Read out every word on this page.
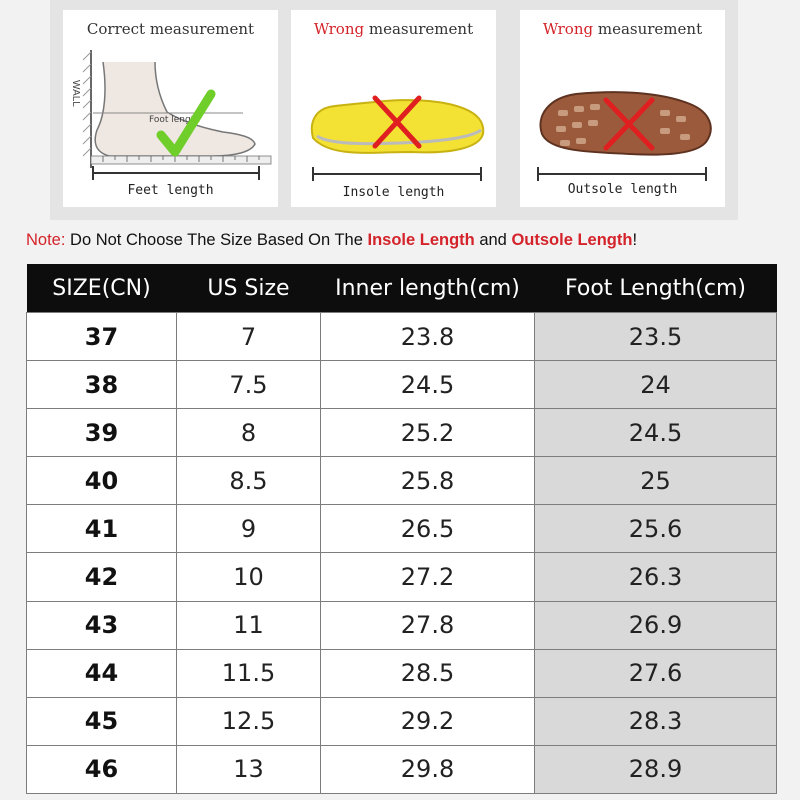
Correct measurement
WALL
Foot length
Feet length
Wrong measurement
Insole length
Wrong measurement
Outsole length
Note: Do Not Choose The Size Based On The Insole Length and Outsole Length!
SIZE(CN)	US Size	Inner length(cm)	Foot Length(cm)
37	7	23.8	23.5
38	7.5	24.5	24
39	8	25.2	24.5
40	8.5	25.8	25
41	9	26.5	25.6
42	10	27.2	26.3
43	11	27.8	26.9
44	11.5	28.5	27.6
45	12.5	29.2	28.3
46	13	29.8	28.9
